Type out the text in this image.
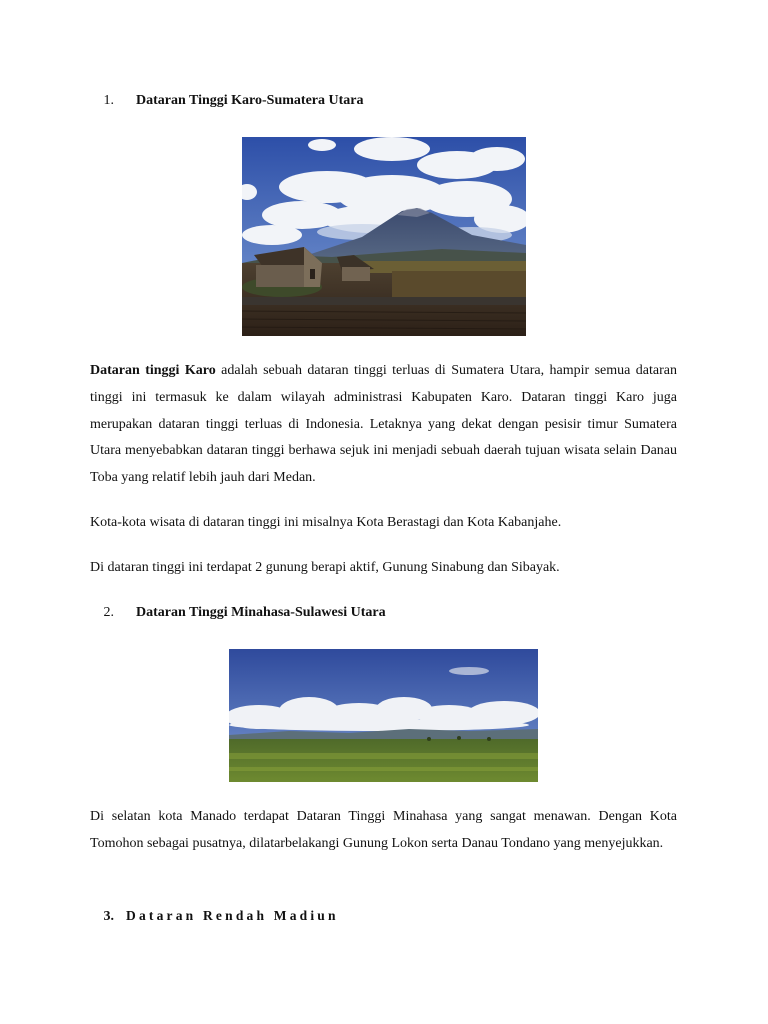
1. Dataran Tinggi Karo-Sumatera Utara

Dataran tinggi Karo adalah sebuah dataran tinggi terluas di Sumatera Utara, hampir semua dataran tinggi ini termasuk ke dalam wilayah administrasi Kabupaten Karo. Dataran tinggi Karo juga merupakan dataran tinggi terluas di Indonesia. Letaknya yang dekat dengan pesisir timur Sumatera Utara menyebabkan dataran tinggi berhawa sejuk ini menjadi sebuah daerah tujuan wisata selain Danau Toba yang relatif lebih jauh dari Medan.

Kota-kota wisata di dataran tinggi ini misalnya Kota Berastagi dan Kota Kabanjahe.

Di dataran tinggi ini terdapat 2 gunung berapi aktif, Gunung Sinabung dan Sibayak.

2. Dataran Tinggi Minahasa-Sulawesi Utara

Di selatan kota Manado terdapat Dataran Tinggi Minahasa yang sangat menawan. Dengan Kota Tomohon sebagai pusatnya, dilatarbelakangi Gunung Lokon serta Danau Tondano yang menyejukkan.

3. Dataran Rendah Madiun
